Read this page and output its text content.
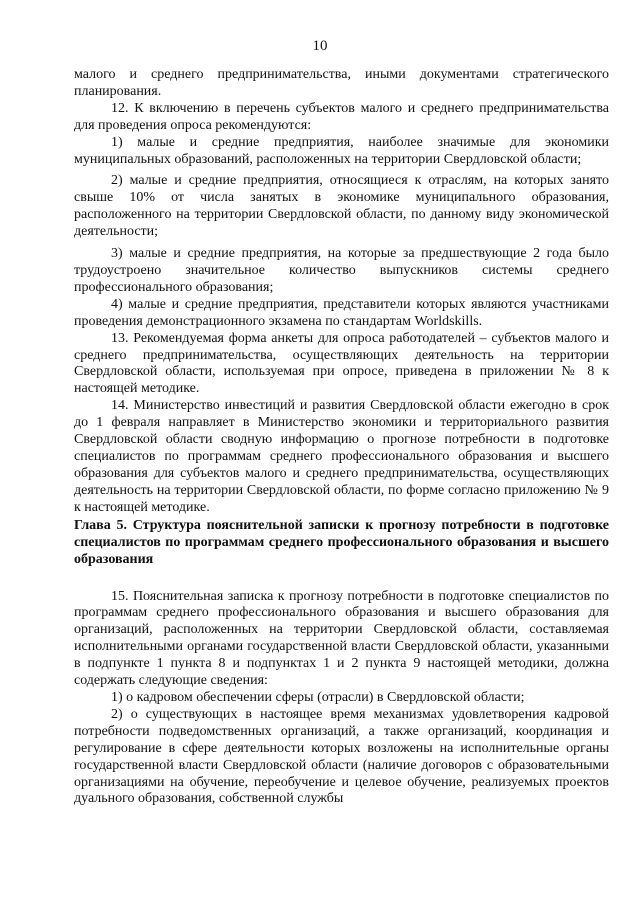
10

малого и среднего предпринимательства, иными документами стратегического планирования.

12. К включению в перечень субъектов малого и среднего предпринимательства для проведения опроса рекомендуются:

1) малые и средние предприятия, наиболее значимые для экономики муниципальных образований, расположенных на территории Свердловской области;

2) малые и средние предприятия, относящиеся к отраслям, на которых занято свыше 10% от числа занятых в экономике муниципального образования, расположенного на территории Свердловской области, по данному виду экономической деятельности;

3) малые и средние предприятия, на которые за предшествующие 2 года было трудоустроено значительное количество выпускников системы среднего профессионального образования;

4) малые и средние предприятия, представители которых являются участниками проведения демонстрационного экзамена по стандартам Worldskills.

13. Рекомендуемая форма анкеты для опроса работодателей – субъектов малого и среднего предпринимательства, осуществляющих деятельность на территории Свердловской области, используемая при опросе, приведена в приложении № 8 к настоящей методике.

14. Министерство инвестиций и развития Свердловской области ежегодно в срок до 1 февраля направляет в Министерство экономики и территориального развития Свердловской области сводную информацию о прогнозе потребности в подготовке специалистов по программам среднего профессионального образования и высшего образования для субъектов малого и среднего предпринимательства, осуществляющих деятельность на территории Свердловской области, по форме согласно приложению № 9 к настоящей методике.

Глава 5. Структура пояснительной записки к прогнозу потребности в подготовке специалистов по программам среднего профессионального образования и высшего образования

15. Пояснительная записка к прогнозу потребности в подготовке специалистов по программам среднего профессионального образования и высшего образования для организаций, расположенных на территории Свердловской области, составляемая исполнительными органами государственной власти Свердловской области, указанными в подпункте 1 пункта 8 и подпунктах 1 и 2 пункта 9 настоящей методики, должна содержать следующие сведения:

1) о кадровом обеспечении сферы (отрасли) в Свердловской области;

2) о существующих в настоящее время механизмах удовлетворения кадровой потребности подведомственных организаций, а также организаций, координация и регулирование в сфере деятельности которых возложены на исполнительные органы государственной власти Свердловской области (наличие договоров с образовательными организациями на обучение, переобучение и целевое обучение, реализуемых проектов дуального образования, собственной службы
